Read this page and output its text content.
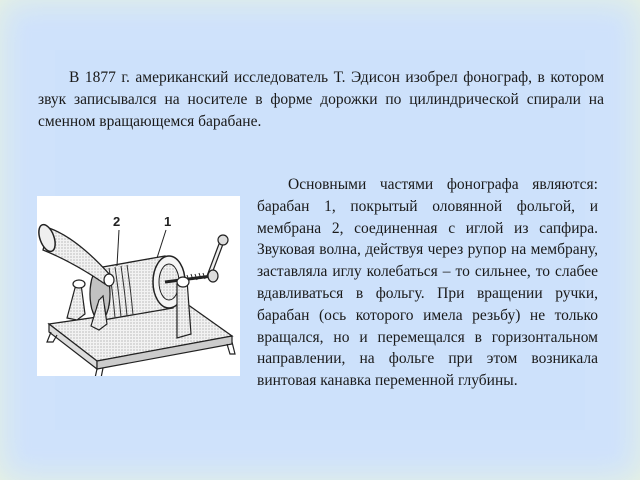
В 1877 г. американский исследователь Т. Эдисон изобрел фонограф, в котором звук записывался на носителе в форме дорожки по цилиндрической спирали на сменном вращающемся барабане.

2	1

Основными частями фонографа являются: барабан 1, покрытый оловянной фольгой, и мембрана 2, соединенная с иглой из сапфира. Звуковая волна, действуя через рупор на мембрану, заставляла иглу колебаться – то сильнее, то слабее вдавливаться в фольгу. При вращении ручки, барабан (ось которого имела резьбу) не только вращался, но и перемещался в горизонтальном направлении, на фольге при этом возникала винтовая канавка переменной глубины.
